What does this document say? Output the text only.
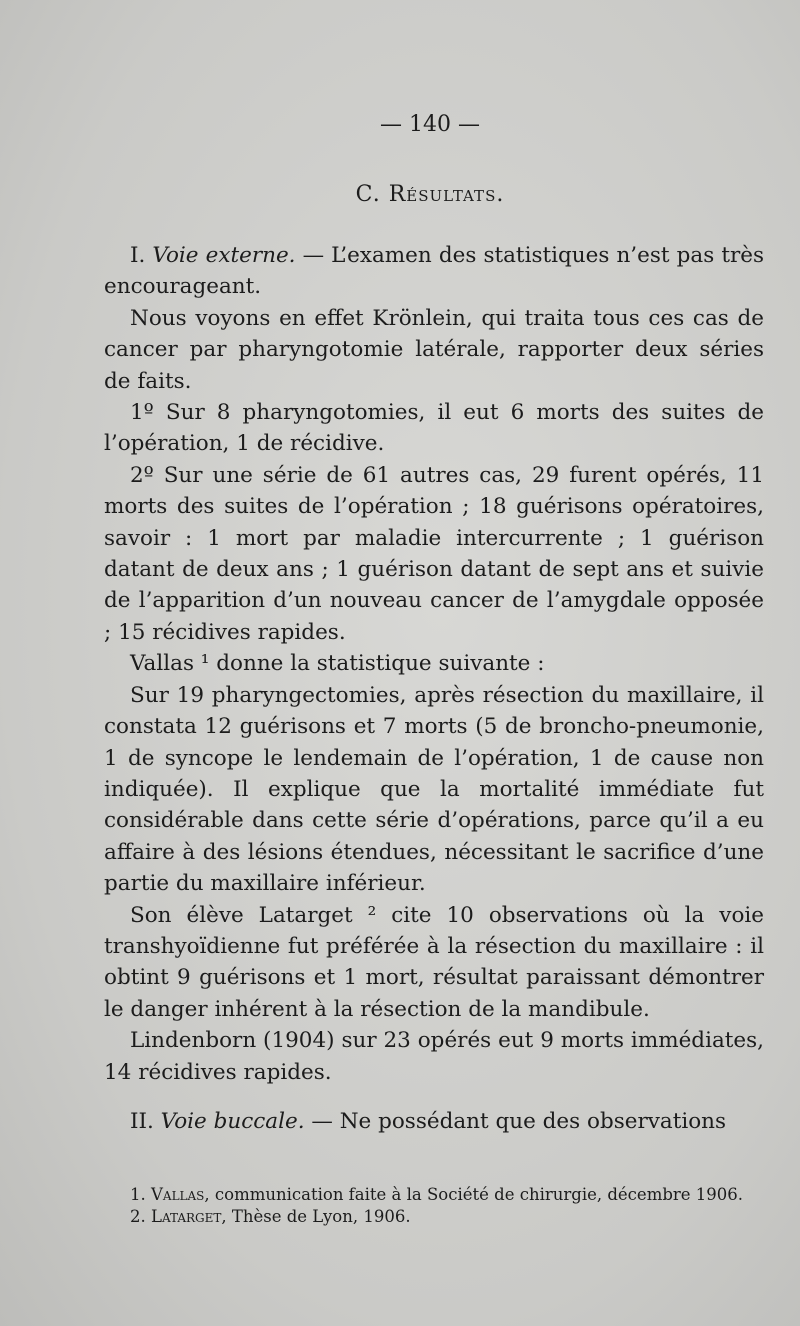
— 140 —
C. Résultats.

I. Voie externe. — L’examen des statistiques n’est pas très encourageant.

Nous voyons en effet Krönlein, qui traita tous ces cas de cancer par pharyngotomie latérale, rapporter deux séries de faits.

1º Sur 8 pharyngotomies, il eut 6 morts des suites de l’opération, 1 de récidive.

2º Sur une série de 61 autres cas, 29 furent opérés, 11 morts des suites de l’opération ; 18 guérisons opératoires, savoir : 1 mort par maladie intercurrente ; 1 guérison datant de deux ans ; 1 guérison datant de sept ans et suivie de l’apparition d’un nouveau cancer de l’amygdale opposée ; 15 récidives rapides.

Vallas ¹ donne la statistique suivante :

Sur 19 pharyngectomies, après résection du maxillaire, il constata 12 guérisons et 7 morts (5 de broncho-pneumonie, 1 de syncope le lendemain de l’opération, 1 de cause non indiquée). Il explique que la mortalité immédiate fut considérable dans cette série d’opérations, parce qu’il a eu affaire à des lésions étendues, nécessitant le sacrifice d’une partie du maxillaire inférieur.

Son élève Latarget ² cite 10 observations où la voie transhyoïdienne fut préférée à la résection du maxillaire : il obtint 9 guérisons et 1 mort, résultat paraissant démontrer le danger inhérent à la résection de la mandibule.

Lindenborn (1904) sur 23 opérés eut 9 morts immédiates, 14 récidives rapides.

II. Voie buccale. — Ne possédant que des observations

1. Vallas, communication faite à la Société de chirurgie, décembre 1906.

2. Latarget, Thèse de Lyon, 1906.
